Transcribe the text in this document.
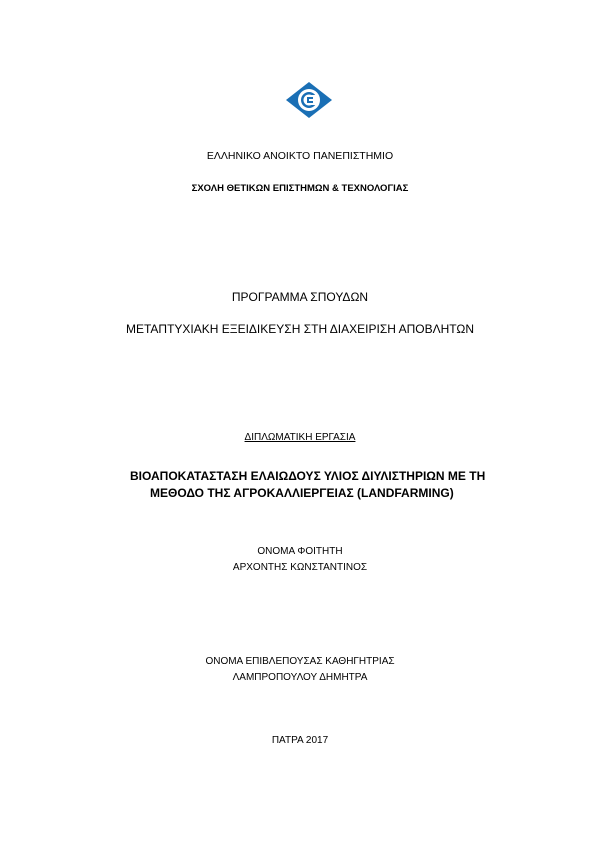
ΕΛΛΗΝΙΚΟ ΑΝΟΙΚΤΟ ΠΑΝΕΠΙΣΤΗΜΙΟ
ΣΧΟΛΗ ΘΕΤΙΚΩΝ ΕΠΙΣΤΗΜΩΝ & ΤΕΧΝΟΛΟΓΙΑΣ
ΠΡΟΓΡΑΜΜΑ ΣΠΟΥΔΩΝ
ΜΕΤΑΠΤΥΧΙΑΚΗ ΕΞΕΙΔΙΚΕΥΣΗ ΣΤΗ ΔΙΑΧΕΙΡΙΣΗ ΑΠΟΒΛΗΤΩΝ
ΔΙΠΛΩΜΑΤΙΚΗ ΕΡΓΑΣΙΑ
ΒΙΟΑΠΟΚΑΤΑΣΤΑΣΗ ΕΛΑΙΩΔΟΥΣ ΥΛΙΟΣ ΔΙΥΛΙΣΤΗΡΙΩΝ ΜΕ ΤΗ
ΜΕΘΟΔΟ ΤΗΣ ΑΓΡΟΚΑΛΛΙΕΡΓΕΙΑΣ (LANDFARMING)
ΟΝΟΜΑ ΦΟΙΤΗΤΗ
ΑΡΧΟΝΤΗΣ ΚΩΝΣΤΑΝΤΙΝΟΣ
ΟΝΟΜΑ ΕΠΙΒΛΕΠΟΥΣΑΣ ΚΑΘΗΓΗΤΡΙΑΣ
ΛΑΜΠΡΟΠΟΥΛΟΥ ΔΗΜΗΤΡΑ
ΠΑΤΡΑ 2017
